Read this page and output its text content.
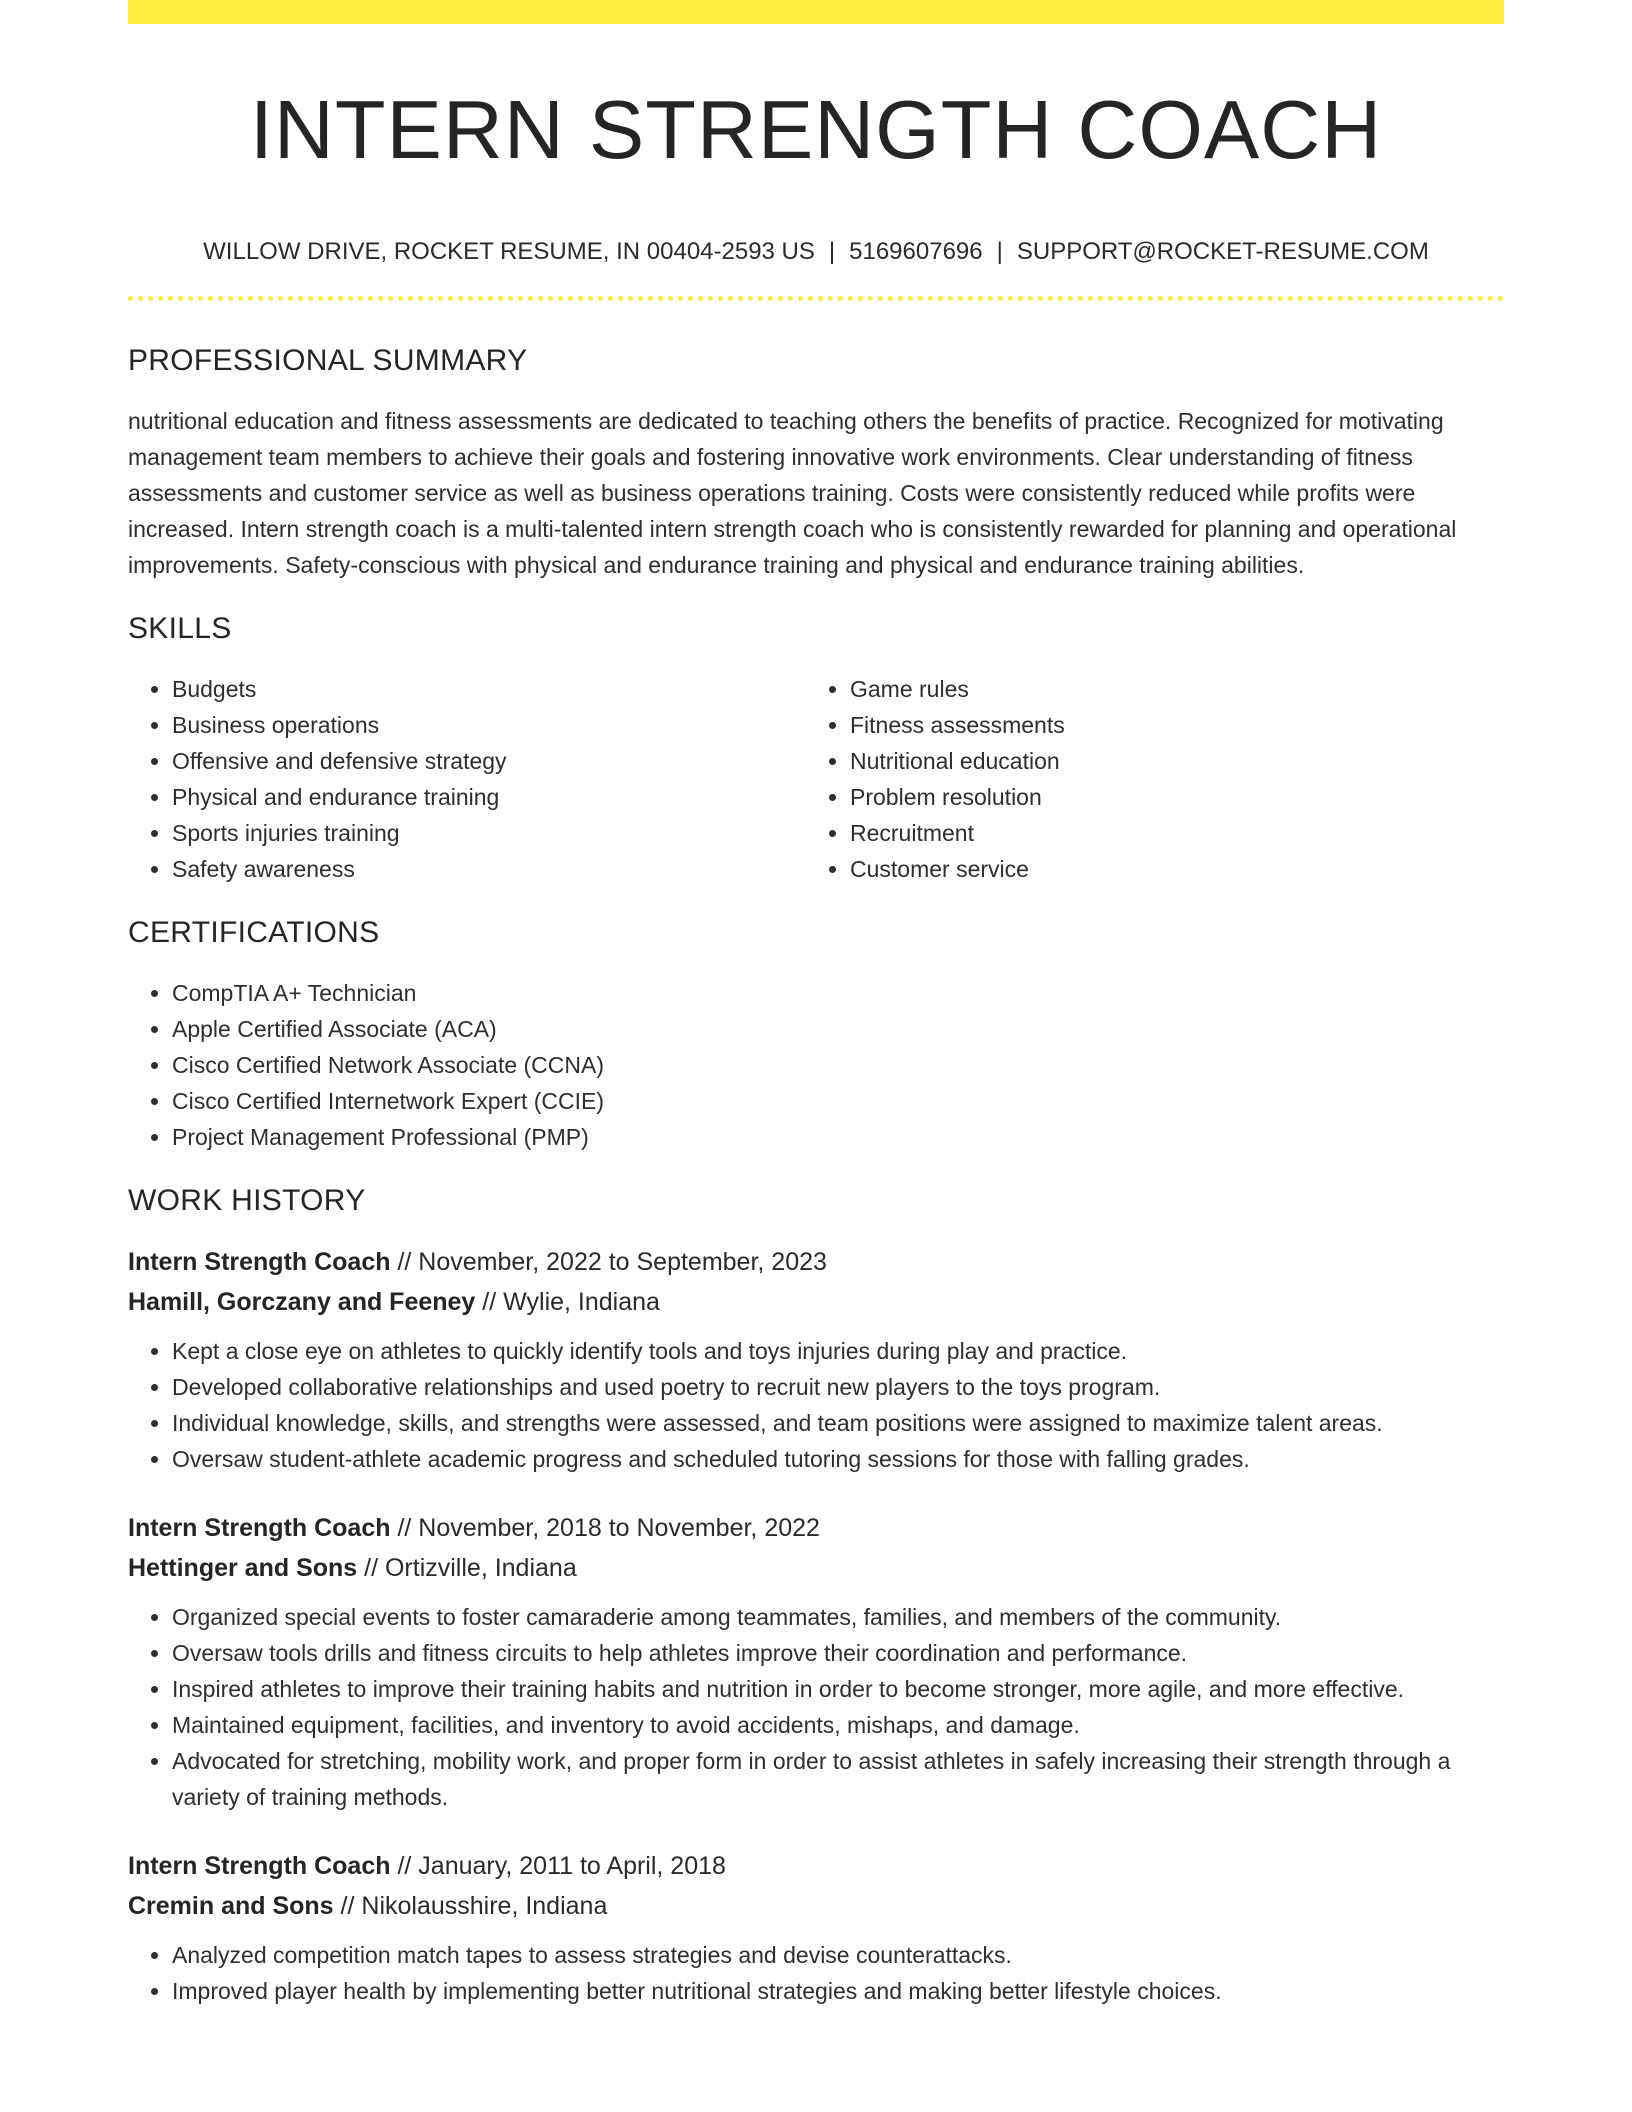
INTERN STRENGTH COACH
WILLOW DRIVE, ROCKET RESUME, IN 00404-2593 US | 5169607696 | SUPPORT@ROCKET-RESUME.COM
PROFESSIONAL SUMMARY

nutritional education and fitness assessments are dedicated to teaching others the benefits of practice. Recognized for motivating management team members to achieve their goals and fostering innovative work environments. Clear understanding of fitness assessments and customer service as well as business operations training. Costs were consistently reduced while profits were increased. Intern strength coach is a multi-talented intern strength coach who is consistently rewarded for planning and operational improvements. Safety-conscious with physical and endurance training and physical and endurance training abilities.

SKILLS
• Budgets
• Business operations
• Offensive and defensive strategy
• Physical and endurance training
• Sports injuries training
• Safety awareness
• Game rules
• Fitness assessments
• Nutritional education
• Problem resolution
• Recruitment
• Customer service
CERTIFICATIONS
• CompTIA A+ Technician
• Apple Certified Associate (ACA)
• Cisco Certified Network Associate (CCNA)
• Cisco Certified Internetwork Expert (CCIE)
• Project Management Professional (PMP)
WORK HISTORY

Intern Strength Coach // November, 2022 to September, 2023

Hamill, Gorczany and Feeney // Wylie, Indiana

• Kept a close eye on athletes to quickly identify tools and toys injuries during play and practice.
• Developed collaborative relationships and used poetry to recruit new players to the toys program.
• Individual knowledge, skills, and strengths were assessed, and team positions were assigned to maximize talent areas.
• Oversaw student-athlete academic progress and scheduled tutoring sessions for those with falling grades.

Intern Strength Coach // November, 2018 to November, 2022

Hettinger and Sons // Ortizville, Indiana

• Organized special events to foster camaraderie among teammates, families, and members of the community.
• Oversaw tools drills and fitness circuits to help athletes improve their coordination and performance.
• Inspired athletes to improve their training habits and nutrition in order to become stronger, more agile, and more effective.
• Maintained equipment, facilities, and inventory to avoid accidents, mishaps, and damage.
• Advocated for stretching, mobility work, and proper form in order to assist athletes in safely increasing their strength through a variety of training methods.

Intern Strength Coach // January, 2011 to April, 2018

Cremin and Sons // Nikolausshire, Indiana

• Analyzed competition match tapes to assess strategies and devise counterattacks.
• Improved player health by implementing better nutritional strategies and making better lifestyle choices.
